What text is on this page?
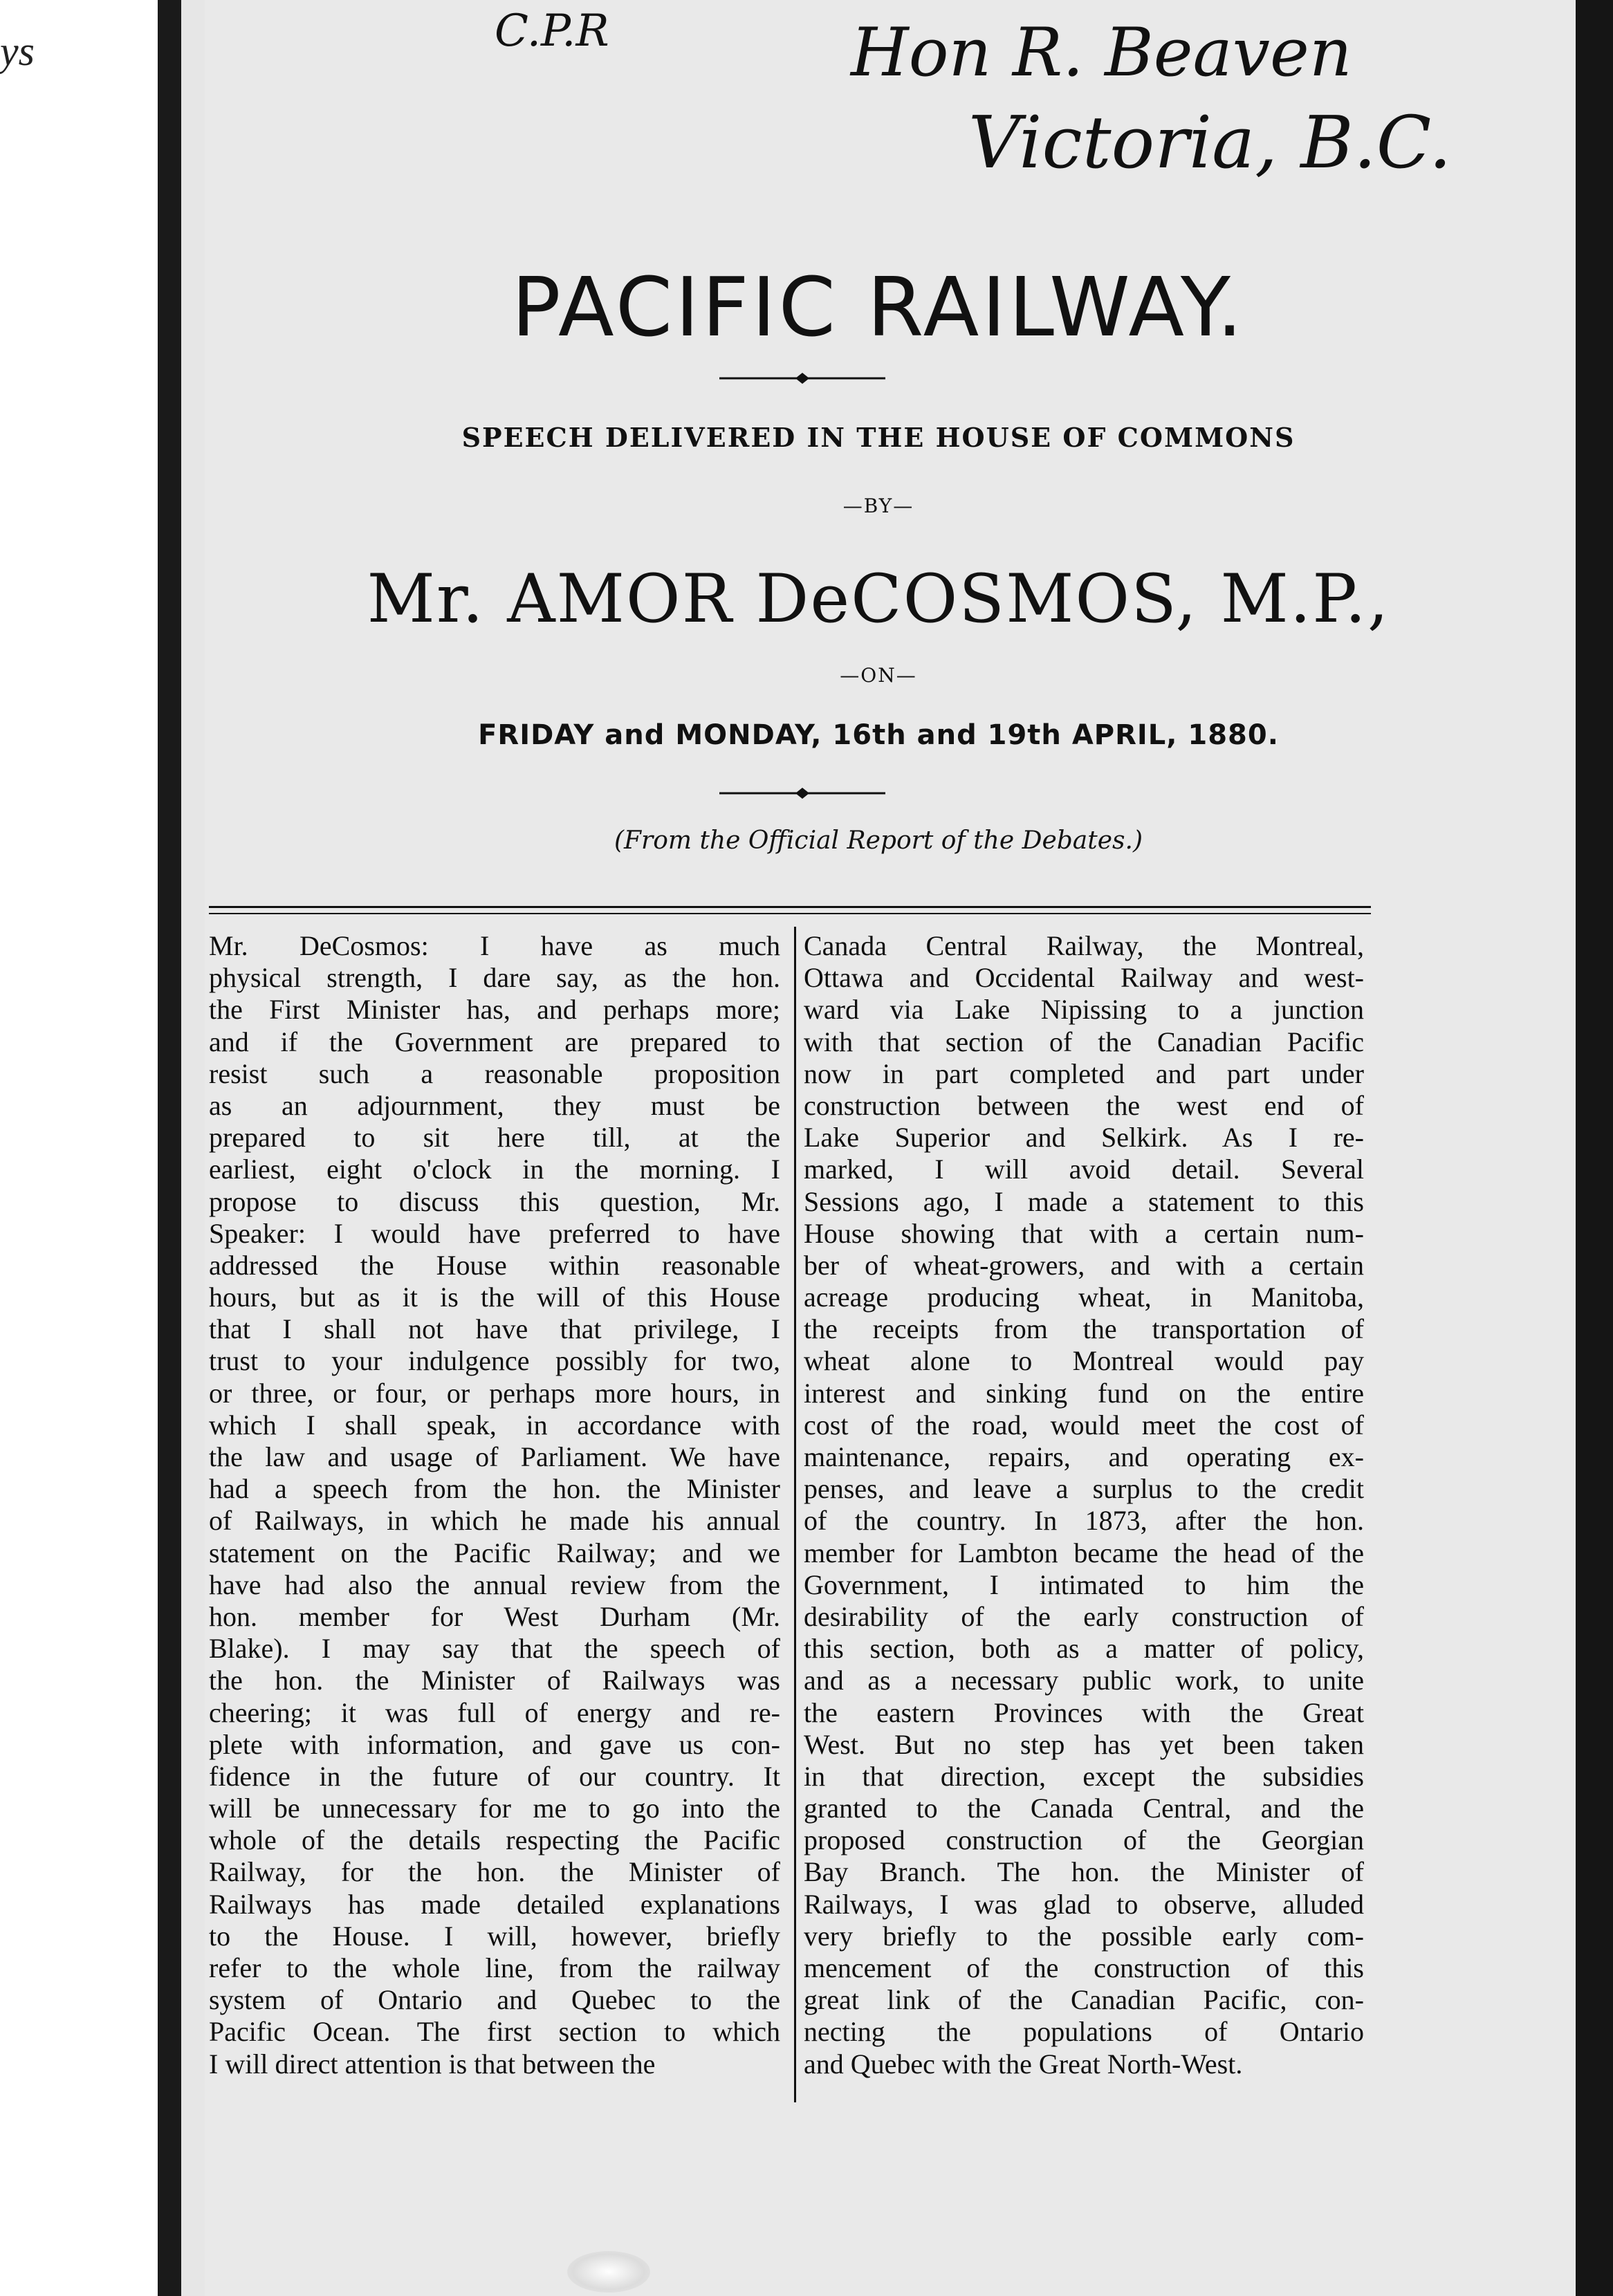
ys	C.P.R	Hon R. Beaven
Victoria, B.C.
PACIFIC RAILWAY.
SPEECH DELIVERED IN THE HOUSE OF COMMONS
—BY—
Mr. AMOR DeCOSMOS, M.P.,
—ON—
FRIDAY and MONDAY, 16th and 19th APRIL, 1880.
(From the Official Report of the Debates.)
Mr. DeCosmos: I have as much
physical strength, I dare say, as the hon.
the First Minister has, and perhaps more;
and if the Government are prepared to
resist such a reasonable proposition
as an adjournment, they must be
prepared to sit here till, at the
earliest, eight o'clock in the morning. I
propose to discuss this question, Mr.
Speaker: I would have preferred to have
addressed the House within reasonable
hours, but as it is the will of this House
that I shall not have that privilege, I
trust to your indulgence possibly for two,
or three, or four, or perhaps more hours, in
which I shall speak, in accordance with
the law and usage of Parliament. We have
had a speech from the hon. the Minister
of Railways, in which he made his annual
statement on the Pacific Railway; and we
have had also the annual review from the
hon. member for West Durham (Mr.
Blake). I may say that the speech of
the hon. the Minister of Railways was
cheering; it was full of energy and re-
plete with information, and gave us con-
fidence in the future of our country. It
will be unnecessary for me to go into the
whole of the details respecting the Pacific
Railway, for the hon. the Minister of
Railways has made detailed explanations
to the House. I will, however, briefly
refer to the whole line, from the railway
system of Ontario and Quebec to the
Pacific Ocean. The first section to which
I will direct attention is that between the
Canada Central Railway, the Montreal,
Ottawa and Occidental Railway and west-
ward via Lake Nipissing to a junction
with that section of the Canadian Pacific
now in part completed and part under
construction between the west end of
Lake Superior and Selkirk. As I re-
marked, I will avoid detail. Several
Sessions ago, I made a statement to this
House showing that with a certain num-
ber of wheat-growers, and with a certain
acreage producing wheat, in Manitoba,
the receipts from the transportation of
wheat alone to Montreal would pay
interest and sinking fund on the entire
cost of the road, would meet the cost of
maintenance, repairs, and operating ex-
penses, and leave a surplus to the credit
of the country. In 1873, after the hon.
member for Lambton became the head of the
Government, I intimated to him the
desirability of the early construction of
this section, both as a matter of policy,
and as a necessary public work, to unite
the eastern Provinces with the Great
West. But no step has yet been taken
in that direction, except the subsidies
granted to the Canada Central, and the
proposed construction of the Georgian
Bay Branch. The hon. the Minister of
Railways, I was glad to observe, alluded
very briefly to the possible early com-
mencement of the construction of this
great link of the Canadian Pacific, con-
necting the populations of Ontario
and Quebec with the Great North-West.
